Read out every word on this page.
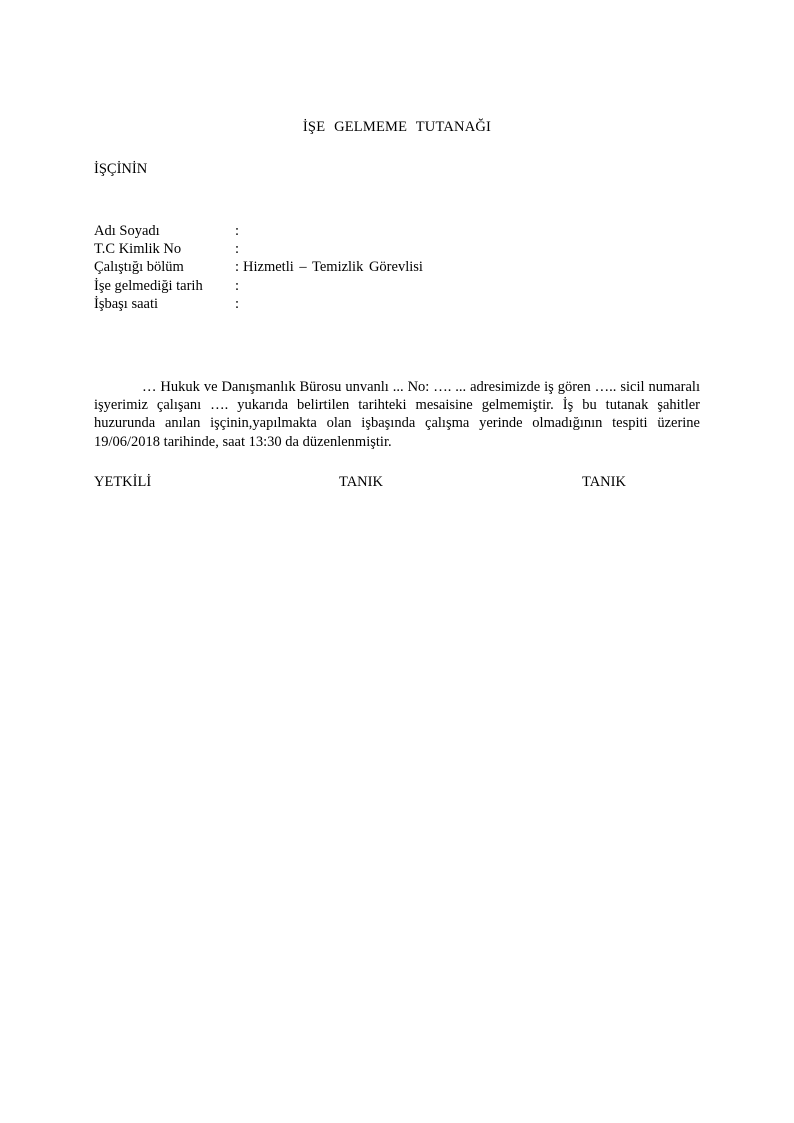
İŞE GELMEME TUTANAĞI
İŞÇİNİN
Adı Soyadı	:
T.C Kimlik No	:
Çalıştığı bölüm	: Hizmetli – Temizlik Görevlisi
İşe gelmediği tarih :
İşbaşı saati	:

… Hukuk ve Danışmanlık Bürosu unvanlı ... No: …. ... adresimizde iş gören ….. sicil numaralı işyerimiz çalışanı …. yukarıda belirtilen tarihteki mesaisine gelmemiştir. İş bu tutanak şahitler huzurunda anılan işçinin,yapılmakta olan işbaşında çalışma yerinde olmadığının tespiti üzerine 19/06/2018 tarihinde, saat 13:30 da düzenlenmiştir.

YETKİLİ	TANIK	TANIK
